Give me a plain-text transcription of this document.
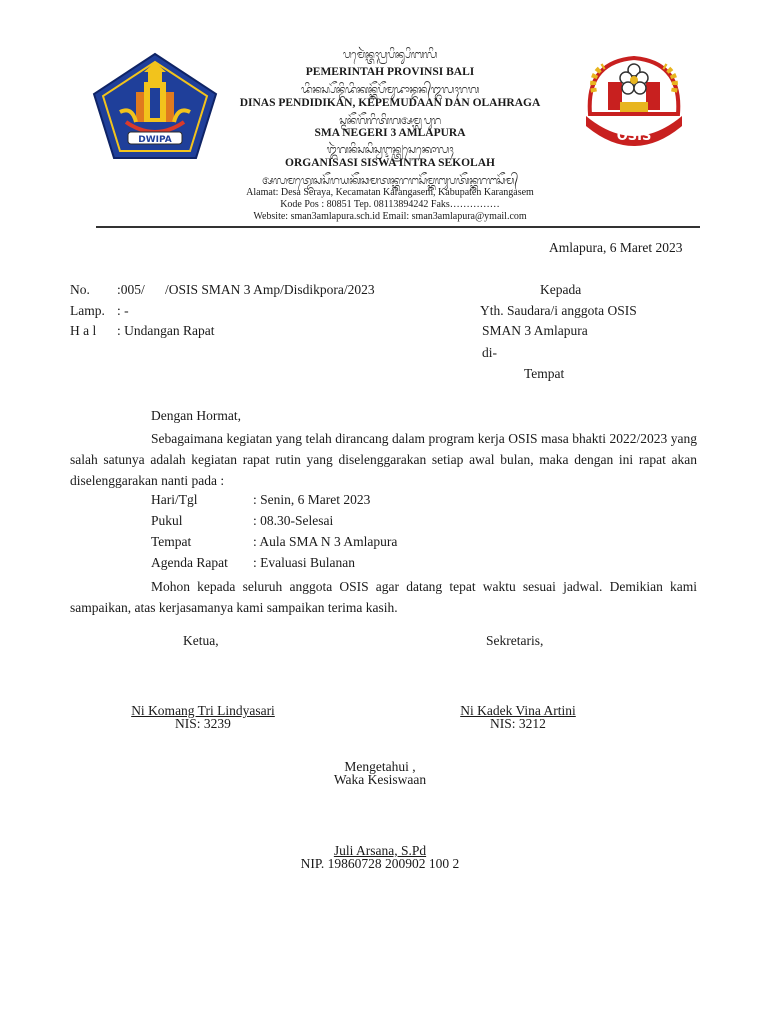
DWIPA	OSIS
ᬧᬫᬾᬃᬦ᭄ᬢᬄᬧ᭄ᬭᬧᬶᬦ᭄ᬲᬶᬩᬮᬶ
PEMERINTAH PROVINSI BALI
ᬤᬶᬦᬲ᭄ᬧᭂᬦ᭄ᬤᬶᬤᬶᬓᬦ᭄ᬓᭂᬧᭂᬫᬸᬤᬵᬦ᭄ᬤᬦ᭄ᬑᬮᬄᬭᬕ
DINAS PENDIDIKAN, KEPEMUDAAN DAN OLAHRAGA
ᬲ᭄ᬫᬦᭂᬕᭂᬭᬶᬢᬶᬕᬅᬫ᭄ᬮᬧᬸᬭ
SMA NEGERI 3 AMLAPURA
ᬑᬃᬕᬦᬶᬲᬲᬶᬲ᭄ᬯᬇᬦ᭄ᬢ᭄ᬭᬲᬾᬓᭀᬮᬄ
ORGANISASI SISWA INTRA SEKOLAH
ᬅᬮᬫᬢ᭄ᬤᬾᬲᬲᭂᬭᬬᬓᭂᬘᬫᬢᬦ᭄ᬓᬭᬗᬲᭂᬫ᭄ᬓᬩᬸᬧᬢᭂᬦ᭄ᬓᬭᬗᬲᭂᬫ᭄
Alamat: Desa Seraya, Kecamatan Karangasem, Kabupaten Karangasem
Kode Pos : 80851 Tep. 08113894242 Faks……………
Website: sman3amlapura.sch.id Email: sman3amlapura@ymail.com
Amlapura, 6 Maret 2023
No. :005/      /OSIS SMAN 3 Amp/Disdikpora/2023
Lamp. : -
H a l : Undangan Rapat
Kepada
Yth. Saudara/i anggota OSIS
SMAN 3 Amlapura
di-
Tempat
Dengan Hormat,
Sebagaimana kegiatan yang telah dirancang dalam program kerja OSIS masa bhakti 2022/2023 yang salah satunya adalah kegiatan rapat rutin yang diselenggarakan setiap awal bulan, maka dengan ini rapat akan diselenggarakan nanti pada :
Hari/Tgl	: Senin, 6 Maret 2023
Pukul	: 08.30-Selesai
Tempat	: Aula SMA N 3 Amlapura
Agenda Rapat : Evaluasi Bulanan
Mohon kepada seluruh anggota OSIS agar datang tepat waktu sesuai jadwal. Demikian kami sampaikan, atas kerjasamanya kami sampaikan terima kasih.
Ketua,	Sekretaris,
Ni Komang Tri Lindyasari
NIS: 3239
Ni Kadek Vina Artini
NIS: 3212
Mengetahui ,
Waka Kesiswaan
Juli Arsana, S.Pd
NIP. 19860728 200902 100 2
